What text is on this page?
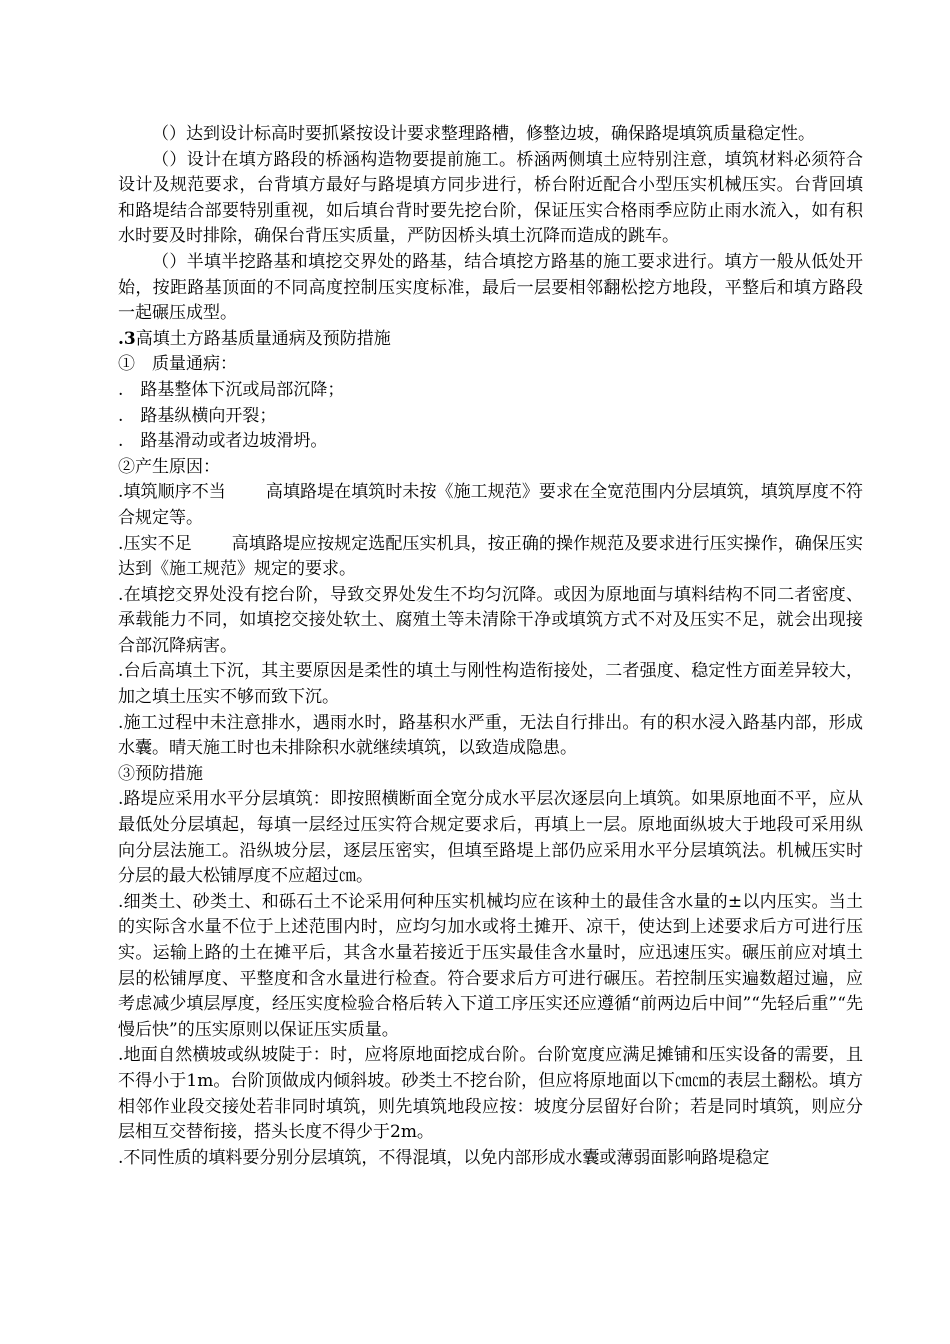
（）达到设计标高时要抓紧按设计要求整理路槽，修整边坡，确保路堤填筑质量稳定性。

（）设计在填方路段的桥涵构造物要提前施工。桥涵两侧填土应特别注意，填筑材料必须符合设计及规范要求，台背填方最好与路堤填方同步进行，桥台附近配合小型压实机械压实。台背回填和路堤结合部要特别重视，如后填台背时要先挖台阶，保证压实合格雨季应防止雨水流入，如有积水时要及时排除，确保台背压实质量，严防因桥头填土沉降而造成的跳车。

（）半填半挖路基和填挖交界处的路基，结合填挖方路基的施工要求进行。填方一般从低处开始，按距路基顶面的不同高度控制压实度标准，最后一层要相邻翻松挖方地段，平整后和填方路段一起碾压成型。

.3高填土方路基质量通病及预防措施

①　质量通病：

.　路基整体下沉或局部沉降；

.　路基纵横向开裂；

.　路基滑动或者边坡滑坍。

②产生原因：

.填筑顺序不当 高填路堤在填筑时未按《施工规范》要求在全宽范围内分层填筑，填筑厚度不符合规定等。

.压实不足 高填路堤应按规定选配压实机具，按正确的操作规范及要求进行压实操作，确保压实达到《施工规范》规定的要求。

.在填挖交界处没有挖台阶，导致交界处发生不均匀沉降。或因为原地面与填料结构不同二者密度、承载能力不同，如填挖交接处软土、腐殖土等未清除干净或填筑方式不对及压实不足，就会出现接合部沉降病害。

.台后高填土下沉，其主要原因是柔性的填土与刚性构造衔接处，二者强度、稳定性方面差异较大，加之填土压实不够而致下沉。

.施工过程中未注意排水，遇雨水时，路基积水严重，无法自行排出。有的积水浸入路基内部，形成水囊。晴天施工时也未排除积水就继续填筑，以致造成隐患。

③预防措施

.路堤应采用水平分层填筑：即按照横断面全宽分成水平层次逐层向上填筑。如果原地面不平，应从最低处分层填起，每填一层经过压实符合规定要求后，再填上一层。原地面纵坡大于地段可采用纵向分层法施工。沿纵坡分层，逐层压密实，但填至路堤上部仍应采用水平分层填筑法。机械压实时分层的最大松铺厚度不应超过㎝。

.细类土、砂类土、和砾石土不论采用何种压实机械均应在该种土的最佳含水量的±以内压实。当土的实际含水量不位于上述范围内时，应均匀加水或将土摊开、凉干，使达到上述要求后方可进行压实。运输上路的土在摊平后，其含水量若接近于压实最佳含水量时，应迅速压实。碾压前应对填土层的松铺厚度、平整度和含水量进行检查。符合要求后方可进行碾压。若控制压实遍数超过遍，应考虑减少填层厚度，经压实度检验合格后转入下道工序压实还应遵循“前两边后中间”“先轻后重”“先慢后快”的压实原则以保证压实质量。

.地面自然横坡或纵坡陡于：时，应将原地面挖成台阶。台阶宽度应满足摊铺和压实设备的需要，且不得小于1m。台阶顶做成内倾斜坡。砂类土不挖台阶，但应将原地面以下㎝㎝的表层土翻松。填方相邻作业段交接处若非同时填筑，则先填筑地段应按：坡度分层留好台阶；若是同时填筑，则应分层相互交替衔接，搭头长度不得少于2m。

.不同性质的填料要分别分层填筑，不得混填，以免内部形成水囊或薄弱面影响路堤稳定
